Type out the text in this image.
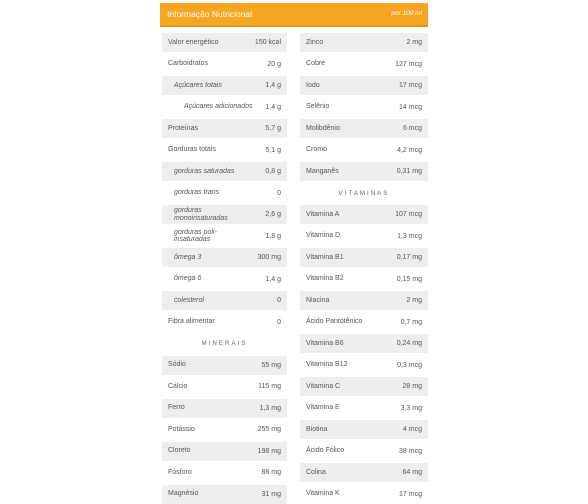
Informação Nutricional	por 100 ml
Valor energético	150 kcal
Carboidratos	20 g
Açúcares totais	1,4 g
Açúcares adicionados 1,4 g
Proteínas	5,7 g
Gorduras totais	5,1 g
gorduras saturadas	0,8 g
gorduras trans	0
gorduras monoinsaturadas	2,6 g
gorduras poli-insaturadas	1,8 g
ômega 3	300 mg
ômega 6	1,4 g
colesterol	0
Fibra alimentar	0
MINERAIS
Sódio	55 mg
Cálcio	115 mg
Ferro	1,3 mg
Potássio	255 mg
Cloreto	198 mg
Fósforo	88 mg
Magnésio	31 mg
Zinco	2 mg
Cobre	127 mcg
Iodo	17 mcg
Selênio	14 mcg
Molibdênio	6 mcg
Cromo	4,2 mcg
Manganês	0,31 mg
VITAMINAS
Vitamina A	107 mcg
Vitamina D	1,3 mcg
Vitamina B1	0,17 mg
Vitamina B2	0,15 mg
Niacina	2 mg
Ácido Pantotênico	0,7 mg
Vitamina B6	0,24 mg
Vitamina B12	0,3 mcg
Vitamina C	28 mg
Vitamina E	3,3 mg
Biotina	4 mcg
Ácido Fólico	38 mcg
Colina	64 mg
Vitamina K	17 mcg
